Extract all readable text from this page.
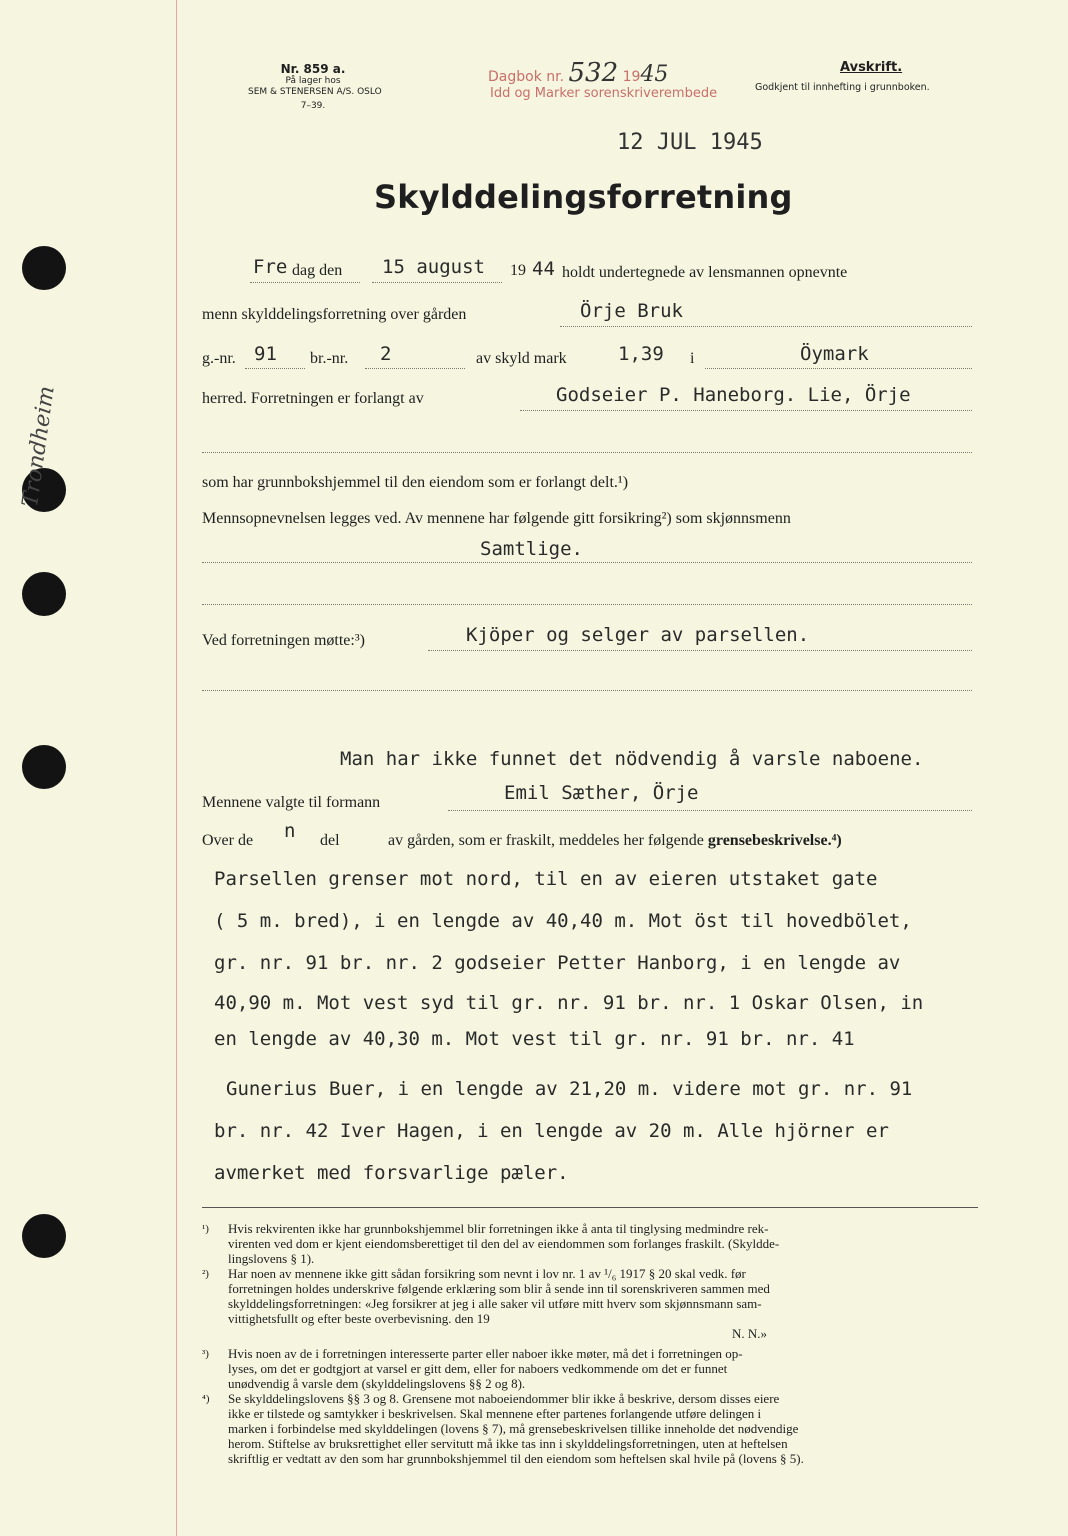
Trondheim
Nr. 859 a.
På lager hos
SEM & STENERSEN A/S. OSLO
7–39.
Dagbok nr. 532 1945
Idd og Marker sorenskriverembede
Avskrift.
Godkjent til innhefting i grunnboken.
12 JUL 1945
Skylddelingsforretning
Fre dag den 15 august 19 44 holdt undertegnede av lensmannen opnevnte
menn skylddelingsforretning over gården	Örje Bruk
g.-nr. 91 br.-nr. 2	av skyld mark	1,39 i	Öymark
herred. Forretningen er forlangt av	Godseier P. Haneborg. Lie, Örje
som har grunnbokshjemmel til den eiendom som er forlangt delt.¹)
Mennsopnevnelsen legges ved. Av mennene har følgende gitt forsikring²) som skjønnsmenn
Samtlige.
Ved forretningen møtte:³)	Kjöper og selger av parsellen.
Man har ikke funnet det nödvendig å varsle naboene.
Mennene valgte til formann	Emil Sæther, Örje
Over de n del	av gården, som er fraskilt, meddeles her følgende grensebeskrivelse.⁴)
Parsellen grenser mot nord, til en av eieren utstaket gate
( 5 m. bred), i en lengde av 40,40 m. Mot öst til hovedbölet,
gr. nr. 91 br. nr. 2 godseier Petter Hanborg, i en lengde av
40,90 m. Mot vest syd til gr. nr. 91 br. nr. 1 Oskar Olsen, in
en lengde av 40,30 m. Mot vest til gr. nr. 91 br. nr. 41
Gunerius Buer, i en lengde av 21,20 m. videre mot gr. nr. 91
br. nr. 42 Iver Hagen, i en lengde av 20 m. Alle hjörner er
avmerket med forsvarlige pæler.
¹) Hvis rekvirenten ikke har grunnbokshjemmel blir forretningen ikke å anta til tinglysing medmindre rek-
virenten ved dom er kjent eiendomsberettiget til den del av eiendommen som forlanges fraskilt. (Skyldde-
lingslovens § 1).
²) Har noen av mennene ikke gitt sådan forsikring som nevnt i lov nr. 1 av ¹/₆ 1917 § 20 skal vedk. før
forretningen holdes underskrive følgende erklæring som blir å sende inn til sorenskriveren sammen med
skylddelingsforretningen: «Jeg forsikrer at jeg i alle saker vil utføre mitt hverv som skjønnsmann sam-
vittighetsfullt og efter beste overbevisning. den 19
N. N.»
³) Hvis noen av de i forretningen interesserte parter eller naboer ikke møter, må det i forretningen op-
lyses, om det er godtgjort at varsel er gitt dem, eller for naboers vedkommende om det er funnet
unødvendig å varsle dem (skylddelingslovens §§ 2 og 8).
⁴) Se skylddelingslovens §§ 3 og 8. Grensene mot naboeiendommer blir ikke å beskrive, dersom disses eiere
ikke er tilstede og samtykker i beskrivelsen. Skal mennene efter partenes forlangende utføre delingen i
marken i forbindelse med skylddelingen (lovens § 7), må grensebeskrivelsen tillike inneholde det nødvendige
herom. Stiftelse av bruksrettighet eller servitutt må ikke tas inn i skylddelingsforretningen, uten at heftelsen
skriftlig er vedtatt av den som har grunnbokshjemmel til den eiendom som heftelsen skal hvile på (lovens § 5).
